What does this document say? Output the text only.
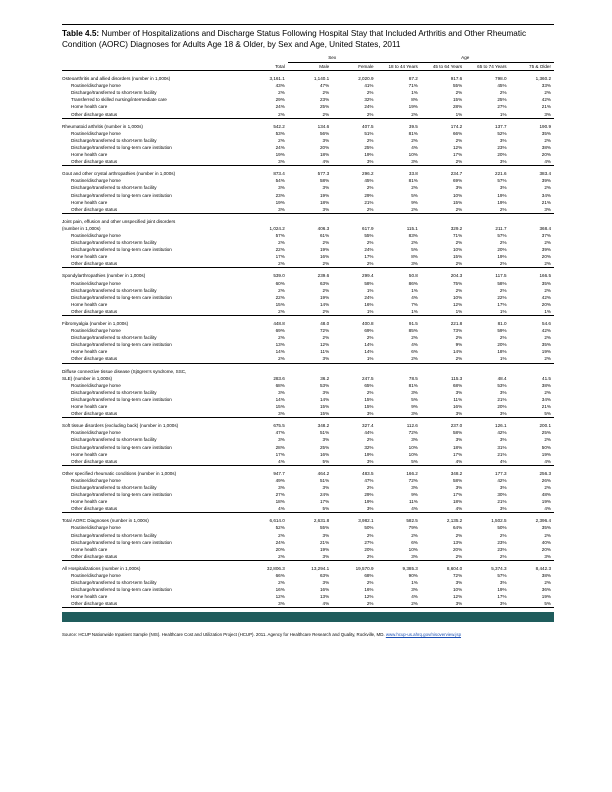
Table 4.5: Number of Hospitalizations and Discharge Status Following Hospital Stay that Included Arthritis and Other Rheumatic Condition (AORC) Diagnoses for Adults Age 18 & Older, by Sex and Age, United States, 2011
		Sex		Age			
	Total	Male	Female	18 to 44 Years	45 to 64 Years	65 to 74 Years	75 & Older
Osteoarthritis and allied disorders (number in 1,000s)	3,161.1	1,140.1	2,020.9	87.2	917.6	798.0	1,360.2
Routine/discharge home	43%	47%	41%	71%	55%	45%	33%
Discharge/transferred to short-term facility	2%	2%	2%	1%	2%	2%	2%
Transferred to skilled nursing/intermediate care	29%	23%	32%	8%	15%	25%	42%
Home health care	24%	25%	24%	19%	28%	27%	21%
Other discharge status	2%	2%	2%	2%	1%	1%	3%
Rheumatoid arthritis (number in 1,000s)	542.2	134.6	407.5	39.5	174.2	137.7	190.9
Routine/discharge home	53%	56%	51%	81%	66%	52%	35%
Discharge/transferred to short-term facility	2%	3%	2%	2%	2%	3%	2%
Discharge/transferred to long-term care institution	24%	20%	25%	4%	12%	23%	38%
Home health care	19%	18%	19%	10%	17%	20%	20%
Other discharge status	3%	4%	3%	3%	2%	3%	4%
Gout and other crystal arthropathies (number in 1,000s)	873.4	577.3	296.2	33.8	234.7	221.6	383.4
Routine/discharge home	54%	58%	45%	81%	69%	57%	39%
Discharge/transferred to short-term facility	3%	3%	2%	2%	3%	3%	2%
Discharge/transferred to long-term care institution	23%	19%	29%	5%	10%	19%	34%
Home health care	19%	18%	21%	9%	15%	19%	21%
Other discharge status	3%	3%	2%	2%	2%	2%	3%
Joint pain, effusion and other unspecified joint disorders							
(number in 1,000s)	1,024.2	406.3	617.9	115.1	329.2	211.7	368.4
Routine/discharge home	57%	61%	55%	83%	71%	57%	37%
Discharge/transferred to short-term facility	2%	2%	2%	2%	2%	2%	2%
Discharge/transferred to long-term care institution	22%	19%	24%	5%	10%	20%	39%
Home health care	17%	16%	17%	8%	15%	19%	20%
Other discharge status	2%	2%	2%	3%	2%	2%	2%
Spondylarthropathies (number in 1,000s)	539.0	239.6	299.4	50.8	204.3	117.5	166.5
Routine/discharge home	60%	63%	58%	86%	75%	58%	35%
Discharge/transferred to short-term facility	2%	2%	1%	1%	2%	2%	2%
Discharge/transferred to long-term care institution	22%	19%	24%	4%	10%	22%	42%
Home health care	15%	14%	16%	7%	12%	17%	20%
Other discharge status	2%	2%	1%	1%	1%	1%	1%
Fibromyalgia (number in 1,000s)	448.8	48.0	400.8	91.5	221.8	81.0	54.6
Routine/discharge home	69%	72%	69%	85%	73%	59%	42%
Discharge/transferred to short-term facility	2%	2%	2%	2%	2%	2%	2%
Discharge/transferred to long-term care institution	13%	12%	14%	4%	9%	20%	35%
Home health care	14%	11%	14%	6%	14%	18%	19%
Other discharge status	2%	3%	1%	2%	2%	1%	2%
Diffuse connective tissue disease (Sjögren's syndrome, SSC,							
SLE) (number in 1,000s)	283.6	36.2	247.5	78.5	115.3	48.4	41.5
Routine/discharge home	68%	53%	65%	81%	68%	53%	38%
Discharge/transferred to short-term facility	3%	3%	2%	3%	3%	3%	2%
Discharge/transferred to long-term care institution	14%	14%	15%	5%	11%	21%	34%
Home health care	15%	15%	15%	9%	16%	20%	21%
Other discharge status	3%	15%	3%	3%	3%	3%	5%
Soft tissue disorders (excluding back) (number in 1,000s)	675.5	348.2	327.4	112.6	237.0	126.1	200.1
Routine/discharge home	47%	51%	44%	72%	58%	42%	25%
Discharge/transferred to short-term facility	3%	3%	2%	3%	3%	3%	2%
Discharge/transferred to long-term care institution	28%	25%	32%	10%	18%	31%	50%
Home health care	17%	16%	19%	10%	17%	21%	19%
Other discharge status	4%	5%	3%	5%	4%	4%	4%
Other specified rheumatic conditions (number in 1,000s)	947.7	464.2	483.5	166.2	348.2	177.3	256.3
Routine/discharge home	49%	51%	47%	72%	58%	42%	26%
Discharge/transferred to short-term facility	3%	3%	2%	3%	3%	3%	2%
Discharge/transferred to long-term care institution	27%	24%	29%	9%	17%	30%	48%
Home health care	18%	17%	19%	11%	18%	21%	19%
Other discharge status	4%	5%	3%	4%	4%	3%	4%
Total AORC Diagnoses (number in 1,000s)	6,614.0	2,631.8	3,982.1	582.5	2,135.2	1,502.5	2,396.4
Routine/discharge home	52%	55%	50%	79%	64%	50%	35%
Discharge/transferred to short-term facility	2%	3%	2%	2%	2%	2%	2%
Discharge/transferred to long-term care institution	24%	21%	27%	6%	13%	23%	40%
Home health care	20%	19%	20%	10%	20%	23%	20%
Other discharge status	2%	3%	2%	3%	2%	2%	3%
All Hospitalizations (number in 1,000s)	32,806.3	13,294.1	19,570.9	9,385.3	8,604.0	5,374.3	8,442.3
Routine/discharge home	66%	63%	68%	90%	72%	57%	38%
Discharge/transferred to short-term facility	2%	3%	2%	1%	3%	3%	2%
Discharge/transferred to long-term care institution	16%	16%	16%	3%	10%	19%	36%
Home health care	12%	13%	12%	4%	12%	17%	19%
Other discharge status	3%	4%	2%	2%	3%	3%	5%
Source: HCUP Nationwide Inpatient Sample (NIS). Healthcare Cost and Utilization Project (HCUP). 2011. Agency for Healthcare Research and Quality, Rockville, MD. www.hcup-us.ahrq.gov/nisoverview.jsp
